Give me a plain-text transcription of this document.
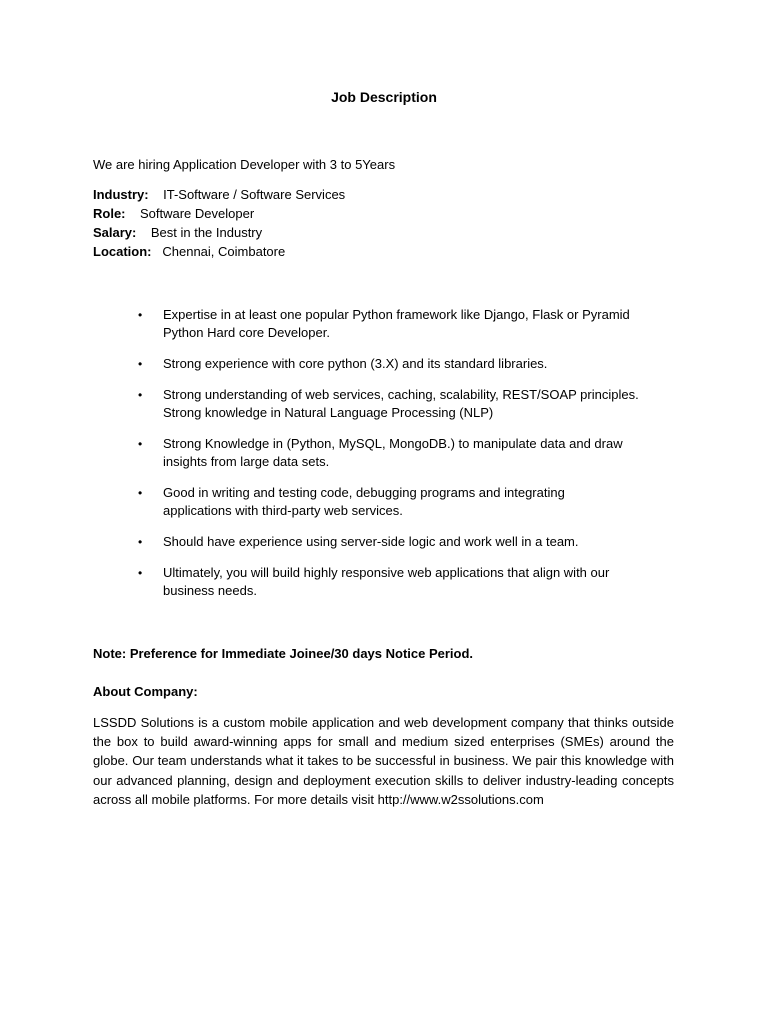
Job Description
We are hiring Application Developer with 3 to 5Years
Industry: IT-Software / Software Services
Role: Software Developer
Salary: Best in the Industry
Location: Chennai, Coimbatore
• Expertise in at least one popular Python framework like Django, Flask or Pyramid
Python Hard core Developer.
• Strong experience with core python (3.X) and its standard libraries.
• Strong understanding of web services, caching, scalability, REST/SOAP principles.
Strong knowledge in Natural Language Processing (NLP)
• Strong Knowledge in (Python, MySQL, MongoDB.) to manipulate data and draw
insights from large data sets.
• Good in writing and testing code, debugging programs and integrating
applications with third-party web services.
• Should have experience using server-side logic and work well in a team.
• Ultimately, you will build highly responsive web applications that align with our
business needs.
Note: Preference for Immediate Joinee/30 days Notice Period.
About Company:
LSSDD Solutions is a custom mobile application and web development company that thinks outside the box to build award-winning apps for small and medium sized enterprises (SMEs) around the globe. Our team understands what it takes to be successful in business. We pair this knowledge with our advanced planning, design and deployment execution skills to deliver industry-leading concepts across all mobile platforms. For more details visit http://www.w2ssolutions.com
